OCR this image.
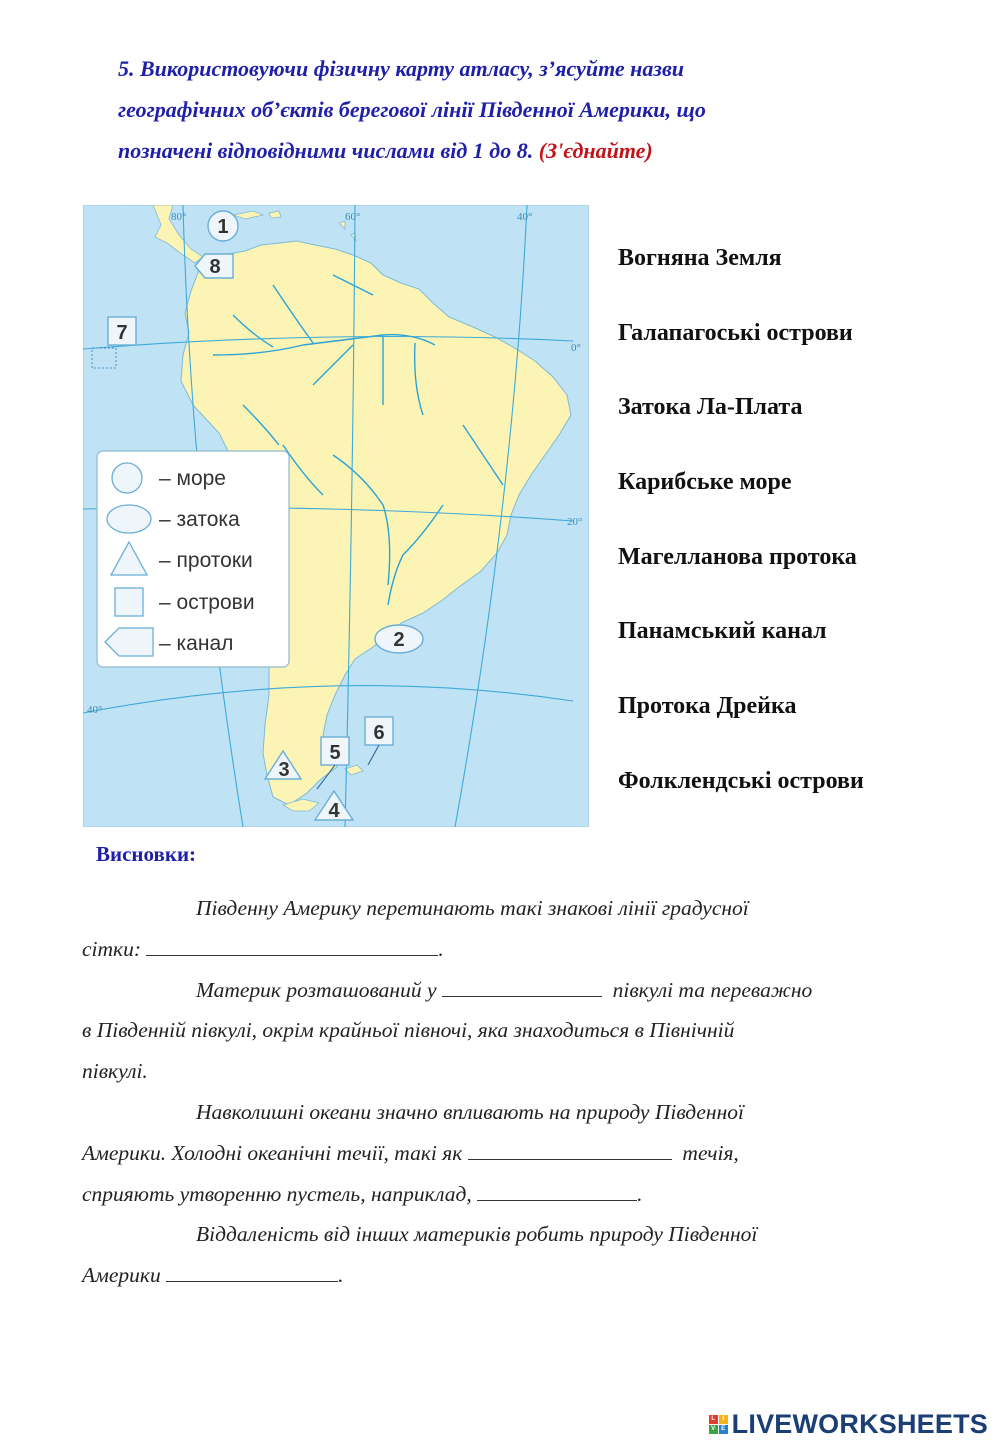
5. Використовуючи фізичну карту атласу, з’ясуйте назви
географічних об’єктів берегової лінії Південної Америки, що
позначені відповідними числами від 1 до 8. (З'єднайте)
80°	60°	40°
0°
20°
40°
1
8
7
2
6
5
3
4
– море
– затока
– протоки
– острови
– канал
Вогняна Земля
Галапагоські острови
Затока Ла-Плата
Карибське море
Магелланова протока
Панамський канал
Протока Дрейка
Фолклендські острови
Висновки:

Південну Америку перетинають такі знакові лінії градусної
сітки:	.

Материк розташований у	півкулі та переважно
в Південній півкулі, окрім крайньої півночі, яка знаходиться в Північній
півкулі.

Навколишні океани значно впливають на природу Південної
Америки. Холодні океанічні течії, такі як	течія,
сприяють утворенню пустель, наприклад,	.

Віддаленість від інших материків робить природу Південної
Америки	.

L	I
V E LIVEWORKSHEETS
